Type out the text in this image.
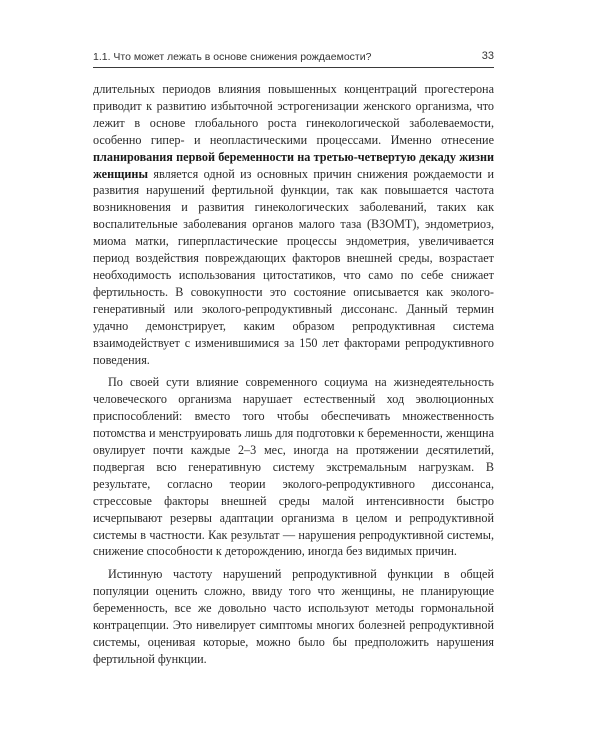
1.1. Что может лежать в основе снижения рождаемости?	33

длительных периодов влияния повышенных концентраций прогестерона приводит к развитию избыточной эстрогенизации женского организма, что лежит в основе глобального роста гинекологической заболеваемости, особенно гипер- и неопластическими процессами. Именно отнесение планирования первой беременности на третью-четвертую декаду жизни женщины является одной из основных причин снижения рождаемости и развития нарушений фертильной функции, так как повышается частота возникновения и развития гинекологических заболеваний, таких как воспалительные заболевания органов малого таза (ВЗОМТ), эндометриоз, миома матки, гиперпластические процессы эндометрия, увеличивается период воздействия повреждающих факторов внешней среды, возрастает необходимость использования цитостатиков, что само по себе снижает фертильность. В совокупности это состояние описывается как эколого-генеративный или эколого-репродуктивный диссонанс. Данный термин удачно демонстрирует, каким образом репродуктивная система взаимодействует с изменившимися за 150 лет факторами репродуктивного поведения.

По своей сути влияние современного социума на жизнедеятельность человеческого организма нарушает естественный ход эволюционных приспособлений: вместо того чтобы обеспечивать множественность потомства и менструировать лишь для подготовки к беременности, женщина овулирует почти каждые 2–3 мес, иногда на протяжении десятилетий, подвергая всю генеративную систему экстремальным нагрузкам. В результате, согласно теории эколого-репродуктивного диссонанса, стрессовые факторы внешней среды малой интенсивности быстро исчерпывают резервы адаптации организма в целом и репродуктивной системы в частности. Как результат — нарушения репродуктивной системы, снижение способности к деторождению, иногда без видимых причин.

Истинную частоту нарушений репродуктивной функции в общей популяции оценить сложно, ввиду того что женщины, не планирующие беременность, все же довольно часто используют методы гормональной контрацепции. Это нивелирует симптомы многих болезней репродуктивной системы, оценивая которые, можно было бы предположить нарушения фертильной функции.
